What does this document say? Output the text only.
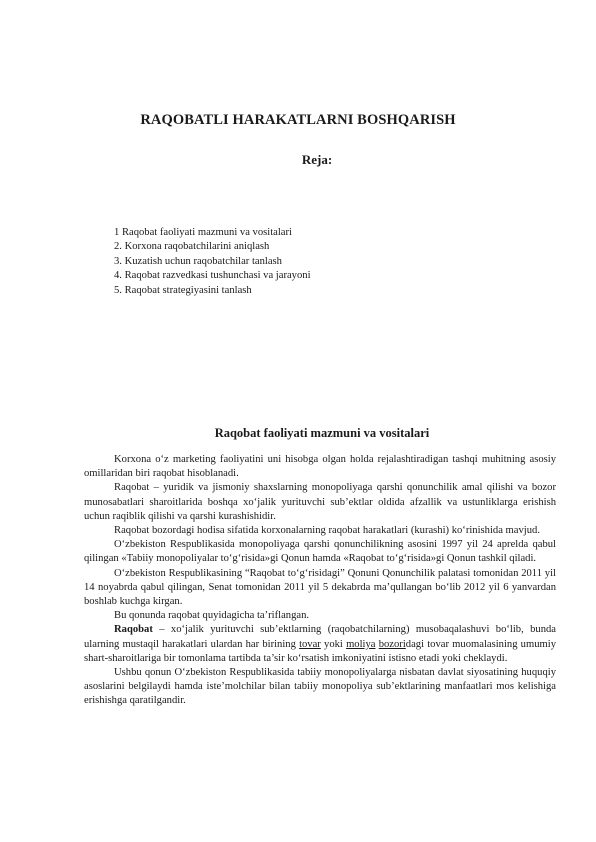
RAQOBATLI HARAKATLARNI BOSHQARISH
Reja:
1 Raqobat faoliyati mazmuni va vositalari
2. Korxona raqobatchilarini aniqlash
3. Kuzatish uchun raqobatchilar tanlash
4. Raqobat razvedkasi tushunchasi va jarayoni
5. Raqobat strategiyasini tanlash
Raqobat faoliyati mazmuni va vositalari

Korxona o‘z marketing faoliyatini uni hisobga olgan holda rejalashtiradigan tashqi muhitning asosiy omillaridan biri raqobat hisoblanadi.

Raqobat – yuridik va jismoniy shaxslarning monopoliyaga qarshi qonunchilik amal qilishi va bozor munosabatlari sharoitlarida boshqa xo‘jalik yurituvchi sub’ektlar oldida afzallik va ustunliklarga erishish uchun raqiblik qilishi va qarshi kurashishidir.

Raqobat bozordagi hodisa sifatida korxonalarning raqobat harakatlari (kurashi) ko‘rinishida mavjud.

O‘zbekiston Respublikasida monopoliyaga qarshi qonunchilikning asosini 1997 yil 24 aprelda qabul qilingan «Tabiiy monopoliyalar to‘g‘risida»gi Qonun hamda «Raqobat to‘g‘risida»gi Qonun tashkil qiladi.

O‘zbekiston Respublikasining “Raqobat to‘g‘risidagi” Qonuni Qonunchilik palatasi tomonidan 2011 yil 14 noyabrda qabul qilingan, Senat tomonidan 2011 yil 5 dekabrda ma’qullangan bo‘lib 2012 yil 6 yanvardan boshlab kuchga kirgan.

Bu qonunda raqobat quyidagicha ta’riflangan.

Raqobat – xo‘jalik yurituvchi sub’ektlarning (raqobatchilarning) musobaqalashuvi bo‘lib, bunda ularning mustaqil harakatlari ulardan har birining tovar yoki moliya bozoridagi tovar muomalasining umumiy shart-sharoitlariga bir tomonlama tartibda ta’sir ko‘rsatish imkoniyatini istisno etadi yoki cheklaydi.

Ushbu qonun O‘zbekiston Respublikasida tabiiy monopoliyalarga nisbatan davlat siyosatining huquqiy asoslarini belgilaydi hamda iste’molchilar bilan tabiiy monopoliya sub’ektlarining manfaatlari mos kelishiga erishishga qaratilgandir.
